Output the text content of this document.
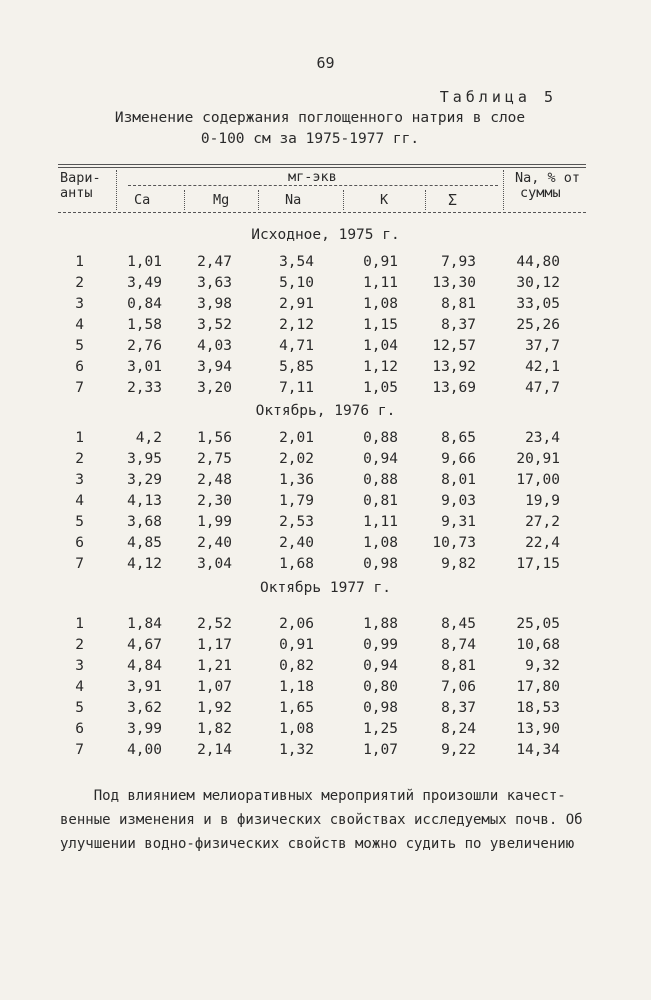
69
Таблица 5
Изменение содержания поглощенного натрия в слое
0-100 см за 1975-1977 гг.
Вари-
анты
мг-экв
Ca	Mg	Na	K	Σ
Na, % от
суммы
Исходное, 1975 г.
1	1,01	2,47	3,54	0,91	7,93	44,80
2	3,49	3,63	5,10	1,11	13,30	30,12
3	0,84	3,98	2,91	1,08	8,81	33,05
4	1,58	3,52	2,12	1,15	8,37	25,26
5	2,76	4,03	4,71	1,04	12,57	37,7
6	3,01	3,94	5,85	1,12	13,92	42,1
7	2,33	3,20	7,11	1,05	13,69	47,7
Октябрь, 1976 г.
1	4,2	1,56	2,01	0,88	8,65	23,4
2	3,95	2,75	2,02	0,94	9,66	20,91
3	3,29	2,48	1,36	0,88	8,01	17,00
4	4,13	2,30	1,79	0,81	9,03	19,9
5	3,68	1,99	2,53	1,11	9,31	27,2
6	4,85	2,40	2,40	1,08	10,73	22,4
7	4,12	3,04	1,68	0,98	9,82	17,15
Октябрь 1977 г.
1	1,84	2,52	2,06	1,88	8,45	25,05
2	4,67	1,17	0,91	0,99	8,74	10,68
3	4,84	1,21	0,82	0,94	8,81	9,32
4	3,91	1,07	1,18	0,80	7,06	17,80
5	3,62	1,92	1,65	0,98	8,37	18,53
6	3,99	1,82	1,08	1,25	8,24	13,90
7	4,00	2,14	1,32	1,07	9,22	14,34

Под влиянием мелиоративных мероприятий произошли качест-

венные изменения и в физических свойствах исследуемых почв. Об

улучшении водно-физических свойств можно судить по увеличению
